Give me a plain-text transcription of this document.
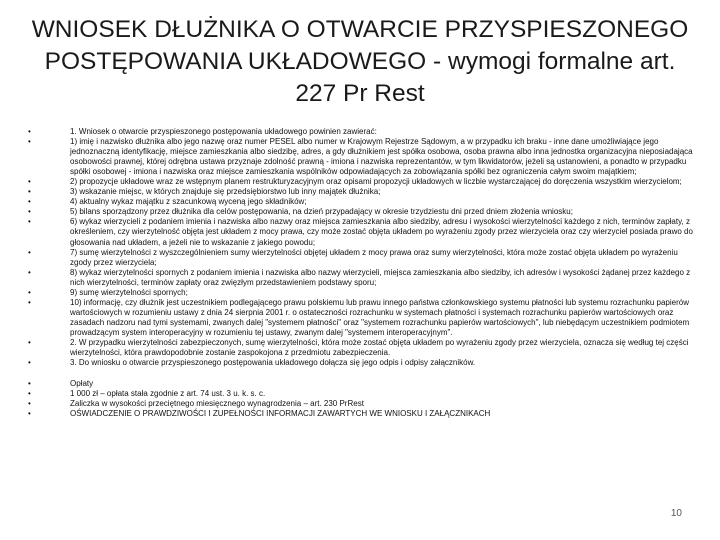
WNIOSEK DŁUŻNIKA O OTWARCIE PRZYSPIESZONEGO
POSTĘPOWANIA UKŁADOWEGO - wymogi formalne art.
227 Pr Rest
•	1. Wniosek o otwarcie przyspieszonego postępowania układowego powinien zawierać:
•	1) imię i nazwisko dłużnika albo jego nazwę oraz numer PESEL albo numer w Krajowym Rejestrze Sądowym, a w przypadku ich braku - inne dane umożliwiające jego jednoznaczną identyfikację, miejsce zamieszkania albo siedzibę, adres, a gdy dłużnikiem jest spółka osobowa, osoba prawna albo inna jednostka organizacyjna nieposiadająca osobowości prawnej, której odrębna ustawa przyznaje zdolność prawną - imiona i nazwiska reprezentantów, w tym likwidatorów, jeżeli są ustanowieni, a ponadto w przypadku spółki osobowej - imiona i nazwiska oraz miejsce zamieszkania wspólników odpowiadających za zobowiązania spółki bez ograniczenia całym swoim majątkiem;
•	2) propozycje układowe wraz ze wstępnym planem restrukturyzacyjnym oraz opisami propozycji układowych w liczbie wystarczającej do doręczenia wszystkim wierzycielom;
•	3) wskazanie miejsc, w których znajduje się przedsiębiorstwo lub inny majątek dłużnika;
•	4) aktualny wykaz majątku z szacunkową wyceną jego składników;
•	5) bilans sporządzony przez dłużnika dla celów postępowania, na dzień przypadający w okresie trzydziestu dni przed dniem złożenia wniosku;
•	6) wykaz wierzycieli z podaniem imienia i nazwiska albo nazwy oraz miejsca zamieszkania albo siedziby, adresu i wysokości wierzytelności każdego z nich, terminów zapłaty, z określeniem, czy wierzytelność objęta jest układem z mocy prawa, czy może zostać objęta układem po wyrażeniu zgody przez wierzyciela oraz czy wierzyciel posiada prawo do głosowania nad układem, a jeżeli nie to wskazanie z jakiego powodu;
•	7) sumę wierzytelności z wyszczególnieniem sumy wierzytelności objętej układem z mocy prawa oraz sumy wierzytelności, która może zostać objęta układem po wyrażeniu zgody przez wierzyciela;
•	8) wykaz wierzytelności spornych z podaniem imienia i nazwiska albo nazwy wierzycieli, miejsca zamieszkania albo siedziby, ich adresów i wysokości żądanej przez każdego z nich wierzytelności, terminów zapłaty oraz zwięzłym przedstawieniem podstawy sporu;
•	9) sumę wierzytelności spornych;
•	10) informację, czy dłużnik jest uczestnikiem podlegającego prawu polskiemu lub prawu innego państwa członkowskiego systemu płatności lub systemu rozrachunku papierów wartościowych w rozumieniu ustawy z dnia 24 sierpnia 2001 r. o ostateczności rozrachunku w systemach płatności i systemach rozrachunku papierów wartościowych oraz zasadach nadzoru nad tymi systemami, zwanych dalej "systemem płatności" oraz "systemem rozrachunku papierów wartościowych", lub niebędącym uczestnikiem podmiotem prowadzącym system interoperacyjny w rozumieniu tej ustawy, zwanym dalej "systemem interoperacyjnym".
•	2. W przypadku wierzytelności zabezpieczonych, sumę wierzytelności, która może zostać objęta układem po wyrażeniu zgody przez wierzyciela, oznacza się według tej części wierzytelności, która prawdopodobnie zostanie zaspokojona z przedmiotu zabezpieczenia.
•	3. Do wniosku o otwarcie przyspieszonego postępowania układowego dołącza się jego odpis i odpisy załączników.
•	Opłaty
•	1 000 zł – opłata stała zgodnie z art. 74 ust. 3 u. k. s. c.
•	Zaliczka w wysokości przeciętnego miesięcznego wynagrodzenia – art. 230 PrRest
•	OŚWIADCZENIE O PRAWDZIWOŚCI I ZUPEŁNOŚCI INFORMACJI ZAWARTYCH WE WNIOSKU I ZAŁĄCZNIKACH
10
